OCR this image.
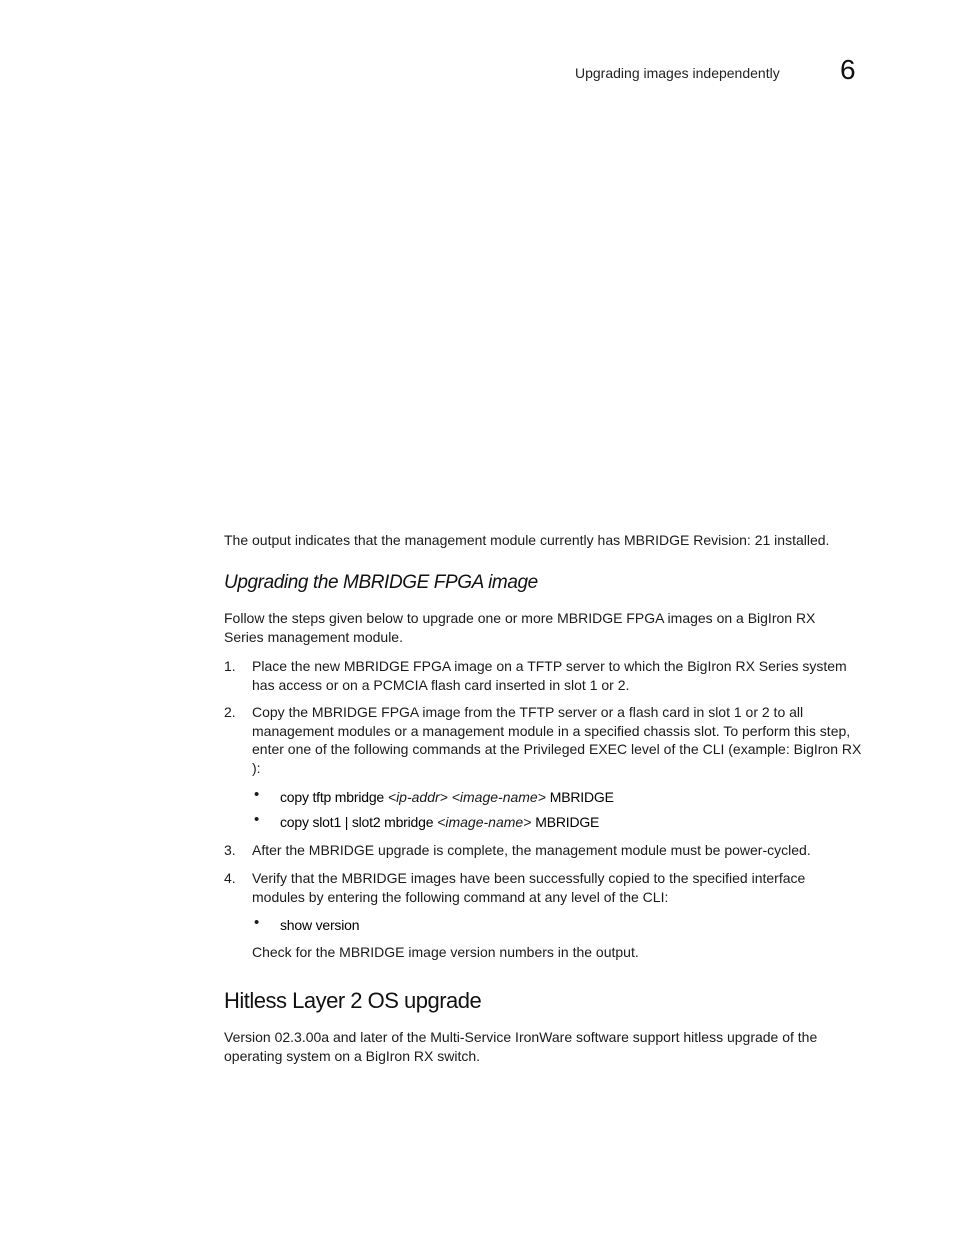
Upgrading images independently 6

The output indicates that the management module currently has MBRIDGE Revision: 21 installed.

Upgrading the MBRIDGE FPGA image

Follow the steps given below to upgrade one or more MBRIDGE FPGA images on a BigIron RX Series management module.

1. Place the new MBRIDGE FPGA image on a TFTP server to which the BigIron RX Series system has access or on a PCMCIA flash card inserted in slot 1 or 2.
2. Copy the MBRIDGE FPGA image from the TFTP server or a flash card in slot 1 or 2 to all management modules or a management module in a specified chassis slot. To perform this step, enter one of the following commands at the Privileged EXEC level of the CLI (example: BigIron RX ):
• copy tftp mbridge <ip-addr> <image-name> MBRIDGE
• copy slot1 | slot2 mbridge <image-name> MBRIDGE
3. After the MBRIDGE upgrade is complete, the management module must be power-cycled.
4. Verify that the MBRIDGE images have been successfully copied to the specified interface modules by entering the following command at any level of the CLI:
• show version

Check for the MBRIDGE image version numbers in the output.

Hitless Layer 2 OS upgrade

Version 02.3.00a and later of the Multi-Service IronWare software support hitless upgrade of the operating system on a BigIron RX switch.
